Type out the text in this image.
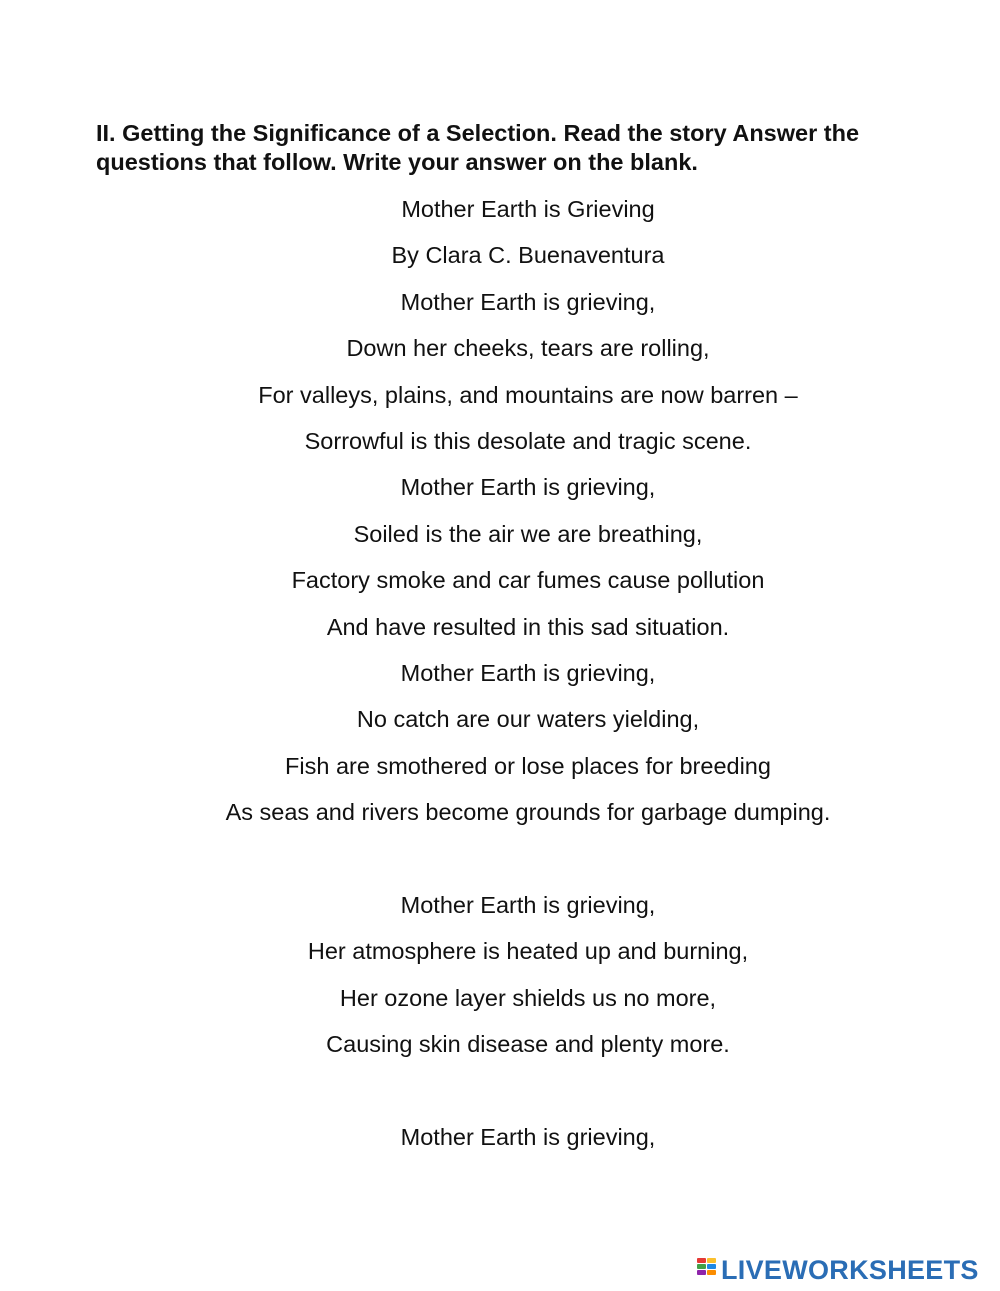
II. Getting the Significance of a Selection. Read the story Answer the
questions that follow. Write your answer on the blank.

Mother Earth is Grieving
By Clara C. Buenaventura
Mother Earth is grieving,
Down her cheeks, tears are rolling,
For valleys, plains, and mountains are now barren –
Sorrowful is this desolate and tragic scene.
Mother Earth is grieving,
Soiled is the air we are breathing,
Factory smoke and car fumes cause pollution
And have resulted in this sad situation.
Mother Earth is grieving,
No catch are our waters yielding,
Fish are smothered or lose places for breeding
As seas and rivers become grounds for garbage dumping.
Mother Earth is grieving,
Her atmosphere is heated up and burning,
Her ozone layer shields us no more,
Causing skin disease and plenty more.
Mother Earth is grieving,
LIVEWORKSHEETS
